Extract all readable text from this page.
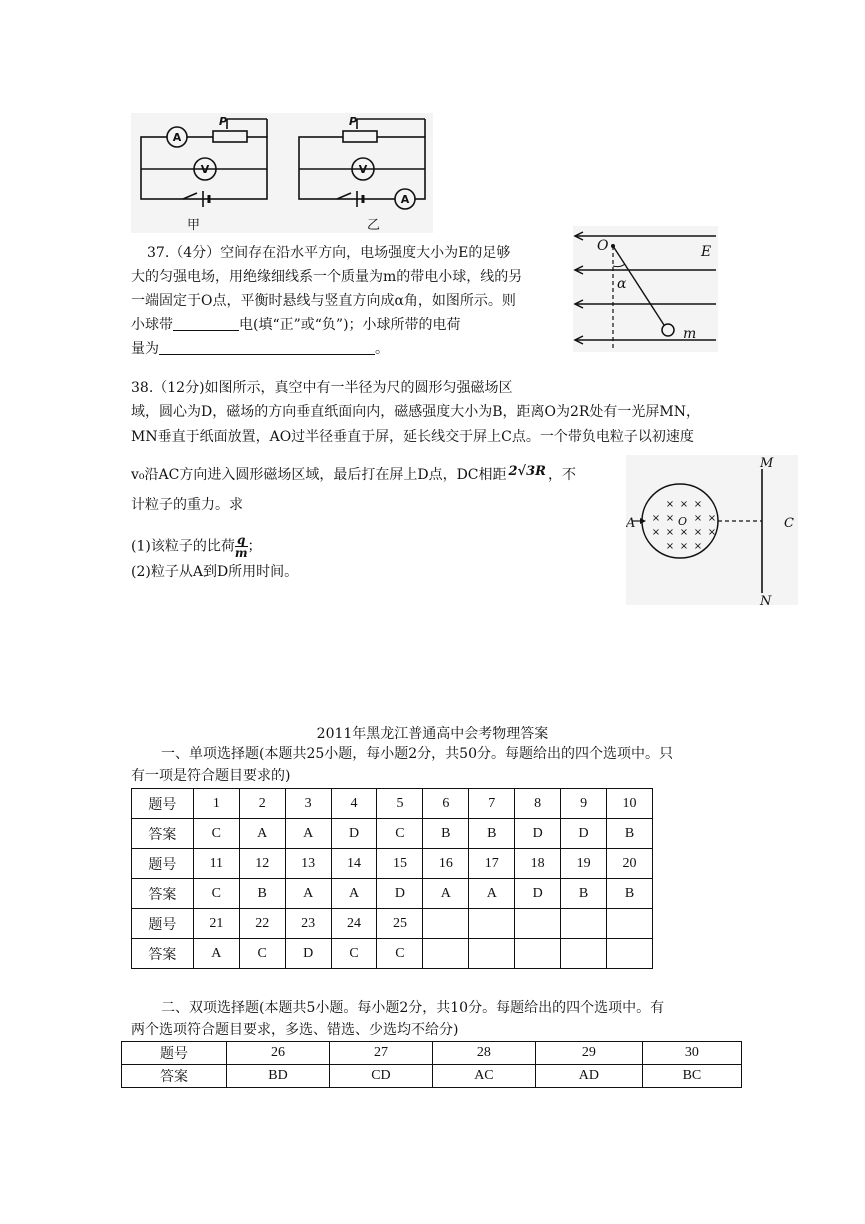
A
V	V
A
P	P
甲	乙
37.（4分）空间存在沿水平方向，电场强度大小为E的足够
大的匀强电场，用绝缘细线系一个质量为m的带电小球，线的另
一端固定于O点，平衡时悬线与竖直方向成α角，如图所示。则
小球带	电(填“正”或“负”)；小球所带的电荷
量为	。
O	E
α
m
38.（12分)如图所示，真空中有一半径为尺的圆形匀强磁场区
域，圆心为D，磁场的方向垂直纸面向内，磁感强度大小为B，距离O为2R处有一光屏MN，
MN垂直于纸面放置，AO过半径垂直于屏，延长线交于屏上C点。一个带负电粒子以初速度
v₀沿AC方向进入圆形磁场区域，最后打在屏上D点，DC相距 2√3R ，不
计粒子的重力。求
(1)该粒子的比荷 $\frac{q}{m}$；
(2)粒子从A到D所用时间。
× × ×
× × × ×
× × × × ×
× × ×
M
N
A	C
O
2011年黑龙江普通高中会考物理答案
一、单项选择题(本题共25小题，每小题2分，共50分。每题给出的四个选项中。只
有一项是符合题目要求的)
题号	1	2	3	4	5	6	7	8	9	10
答案	C	A	A	D	C	B	B	D	D	B
题号	11	12	13	14	15	16	17	18	19	20
答案	C	B	A	A	D	A	A	D	B	B
题号	21	22	23	24	25					
答案	A	C	D	C	C					
二、双项选择题(本题共5小题。每小题2分，共10分。每题给出的四个选项中。有
两个选项符合题目要求，多选、错选、少选均不给分)
题号	26	27	28	29	30
答案	BD	CD	AC	AD	BC
